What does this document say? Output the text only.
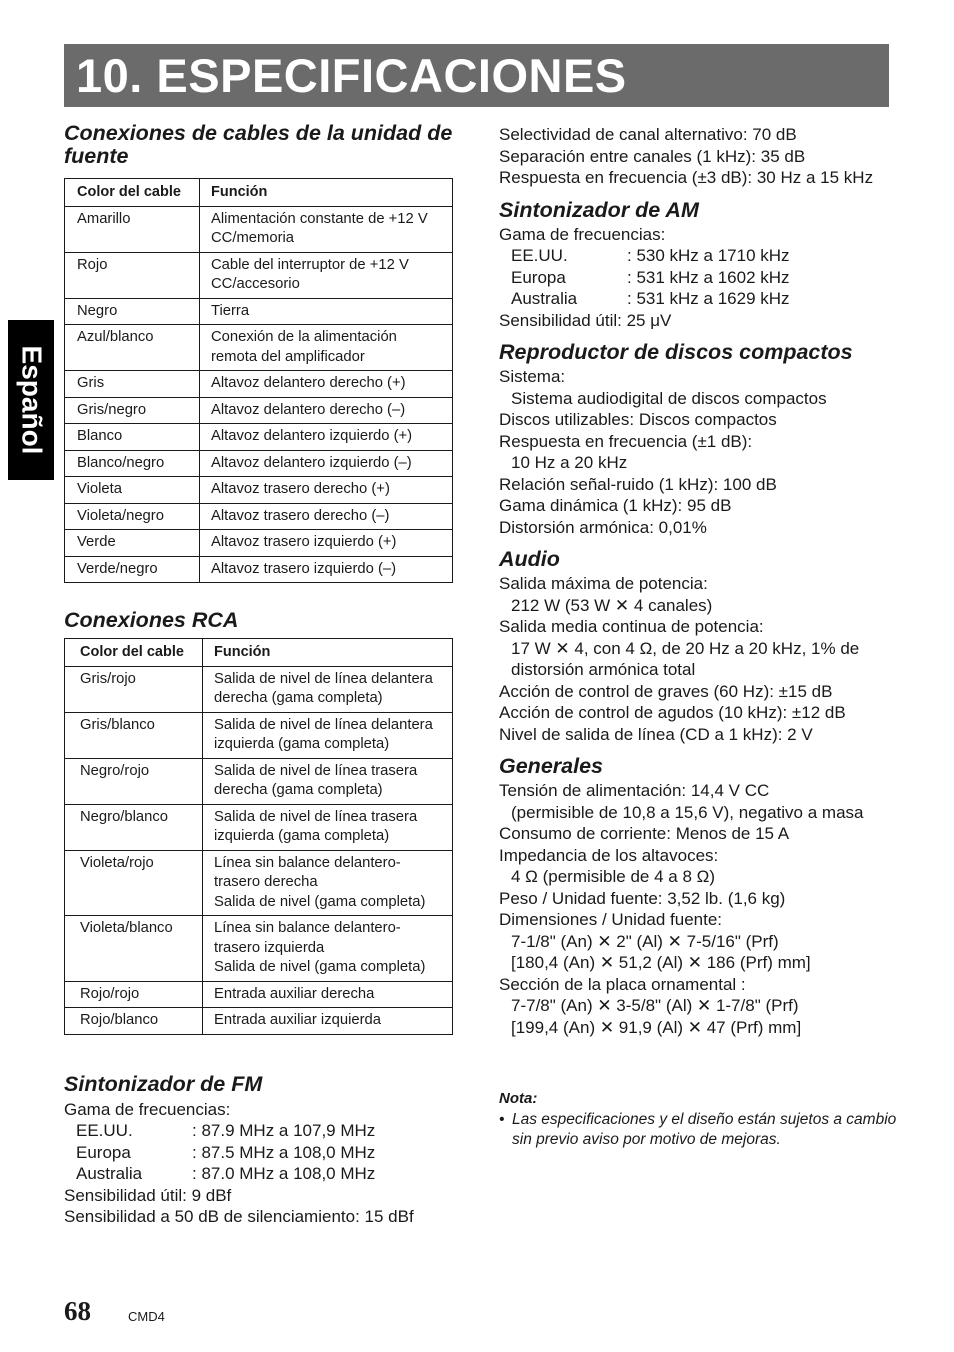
10. ESPECIFICACIONES
Español
Conexiones de cables de la unidad de fuente
Color del cable	Función
Amarillo	Alimentación constante de +12 V CC/memoria
Rojo	Cable del interruptor de +12 V CC/accesorio
Negro	Tierra
Azul/blanco	Conexión de la alimentación remota del amplificador
Gris	Altavoz delantero derecho (+)
Gris/negro	Altavoz delantero derecho (–)
Blanco	Altavoz delantero izquierdo (+)
Blanco/negro	Altavoz delantero izquierdo (–)
Violeta	Altavoz trasero derecho (+)
Violeta/negro	Altavoz trasero derecho (–)
Verde	Altavoz trasero izquierdo (+)
Verde/negro	Altavoz trasero izquierdo (–)
Conexiones RCA
Color del cable	Función
Gris/rojo	Salida de nivel de línea delantera derecha (gama completa)
Gris/blanco	Salida de nivel de línea delantera izquierda (gama completa)
Negro/rojo	Salida de nivel de línea trasera derecha (gama completa)
Negro/blanco	Salida de nivel de línea trasera izquierda (gama completa)
Violeta/rojo	Línea sin balance delantero-trasero derecha
Salida de nivel (gama completa)
Violeta/blanco	Línea sin balance delantero-trasero izquierda
Salida de nivel (gama completa)
Rojo/rojo	Entrada auxiliar derecha
Rojo/blanco	Entrada auxiliar izquierda
Sintonizador de FM

Gama de frecuencias:

EE.UU.	: 87.9 MHz a 107,9 MHz
Europa	: 87.5 MHz a 108,0 MHz
Australia	: 87.0 MHz a 108,0 MHz

Sensibilidad útil: 9 dBf

Sensibilidad a 50 dB de silenciamiento: 15 dBf

Selectividad de canal alternativo: 70 dB

Separación entre canales (1 kHz): 35 dB

Respuesta en frecuencia (±3 dB): 30 Hz a 15 kHz

Sintonizador de AM

Gama de frecuencias:

EE.UU.	: 530 kHz a 1710 kHz
Europa	: 531 kHz a 1602 kHz
Australia	: 531 kHz a 1629 kHz

Sensibilidad útil: 25 μV

Reproductor de discos compactos

Sistema:

Sistema audiodigital de discos compactos

Discos utilizables: Discos compactos

Respuesta en frecuencia (±1 dB):

10 Hz a 20 kHz

Relación señal-ruido (1 kHz): 100 dB

Gama dinámica (1 kHz): 95 dB

Distorsión armónica: 0,01%

Audio

Salida máxima de potencia:

212 W (53 W ✕ 4 canales)

Salida media continua de potencia:

17 W ✕ 4, con 4 Ω, de 20 Hz a 20 kHz, 1% de

distorsión armónica total

Acción de control de graves (60 Hz): ±15 dB

Acción de control de agudos (10 kHz): ±12 dB

Nivel de salida de línea (CD a 1 kHz): 2 V

Generales

Tensión de alimentación: 14,4 V CC

(permisible de 10,8 a 15,6 V), negativo a masa

Consumo de corriente: Menos de 15 A

Impedancia de los altavoces:

4 Ω (permisible de 4 a 8 Ω)

Peso / Unidad fuente: 3,52 lb. (1,6 kg)

Dimensiones / Unidad fuente:

7-1/8" (An) ✕ 2" (Al) ✕ 7-5/16" (Prf)

[180,4 (An) ✕ 51,2 (Al) ✕ 186 (Prf) mm]

Sección de la placa ornamental :

7-7/8" (An) ✕ 3-5/8" (Al) ✕ 1-7/8" (Prf)

[199,4 (An) ✕ 91,9 (Al) ✕ 47 (Prf) mm]

Nota:

• Las especificaciones y el diseño están sujetos a cambio sin previo aviso por motivo de mejoras.
68	CMD4
